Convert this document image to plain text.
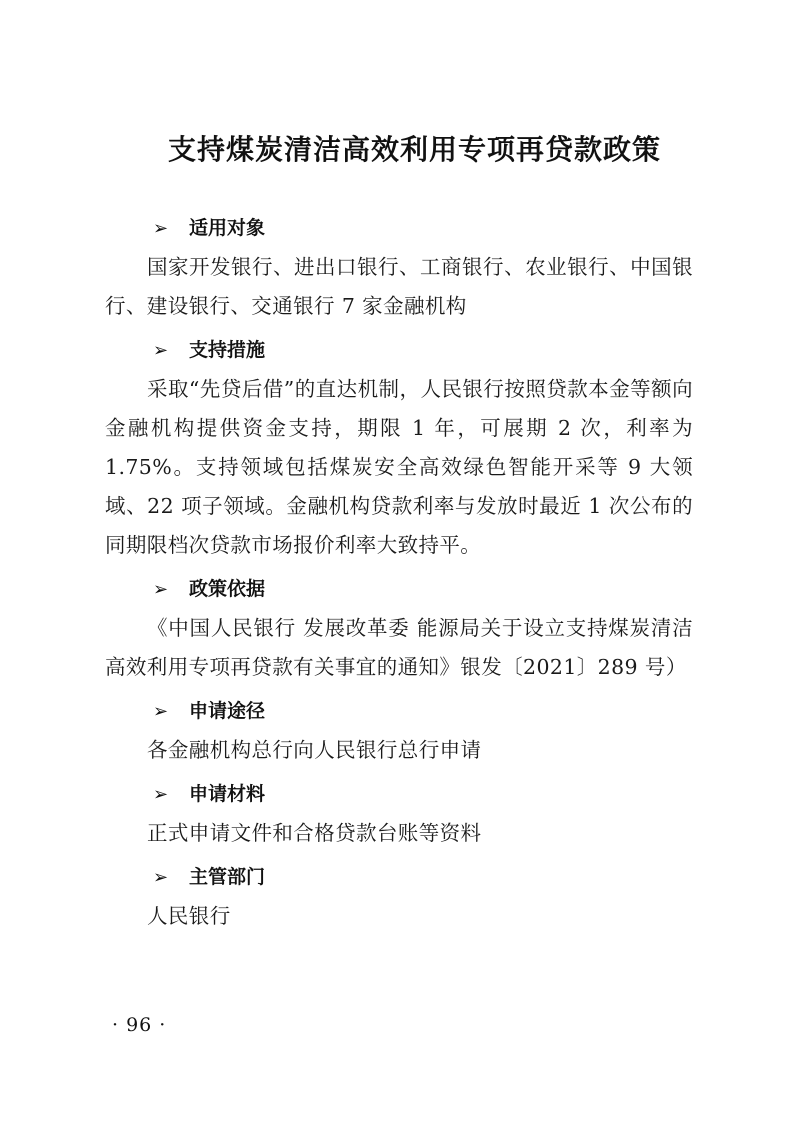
支持煤炭清洁高效利用专项再贷款政策
➢ 适用对象

国家开发银行、进出口银行、工商银行、农业银行、中国银行、建设银行、交通银行 7 家金融机构

➢ 支持措施

采取“先贷后借”的直达机制，人民银行按照贷款本金等额向金融机构提供资金支持，期限 1 年，可展期 2 次，利率为 1.75%。支持领域包括煤炭安全高效绿色智能开采等 9 大领域、22 项子领域。金融机构贷款利率与发放时最近 1 次公布的同期限档次贷款市场报价利率大致持平。

➢ 政策依据

《中国人民银行 发展改革委 能源局关于设立支持煤炭清洁高效利用专项再贷款有关事宜的通知》银发〔2021〕289 号）

➢ 申请途径

各金融机构总行向人民银行总行申请

➢ 申请材料

正式申请文件和合格贷款台账等资料

➢ 主管部门

人民银行

· 96 ·
